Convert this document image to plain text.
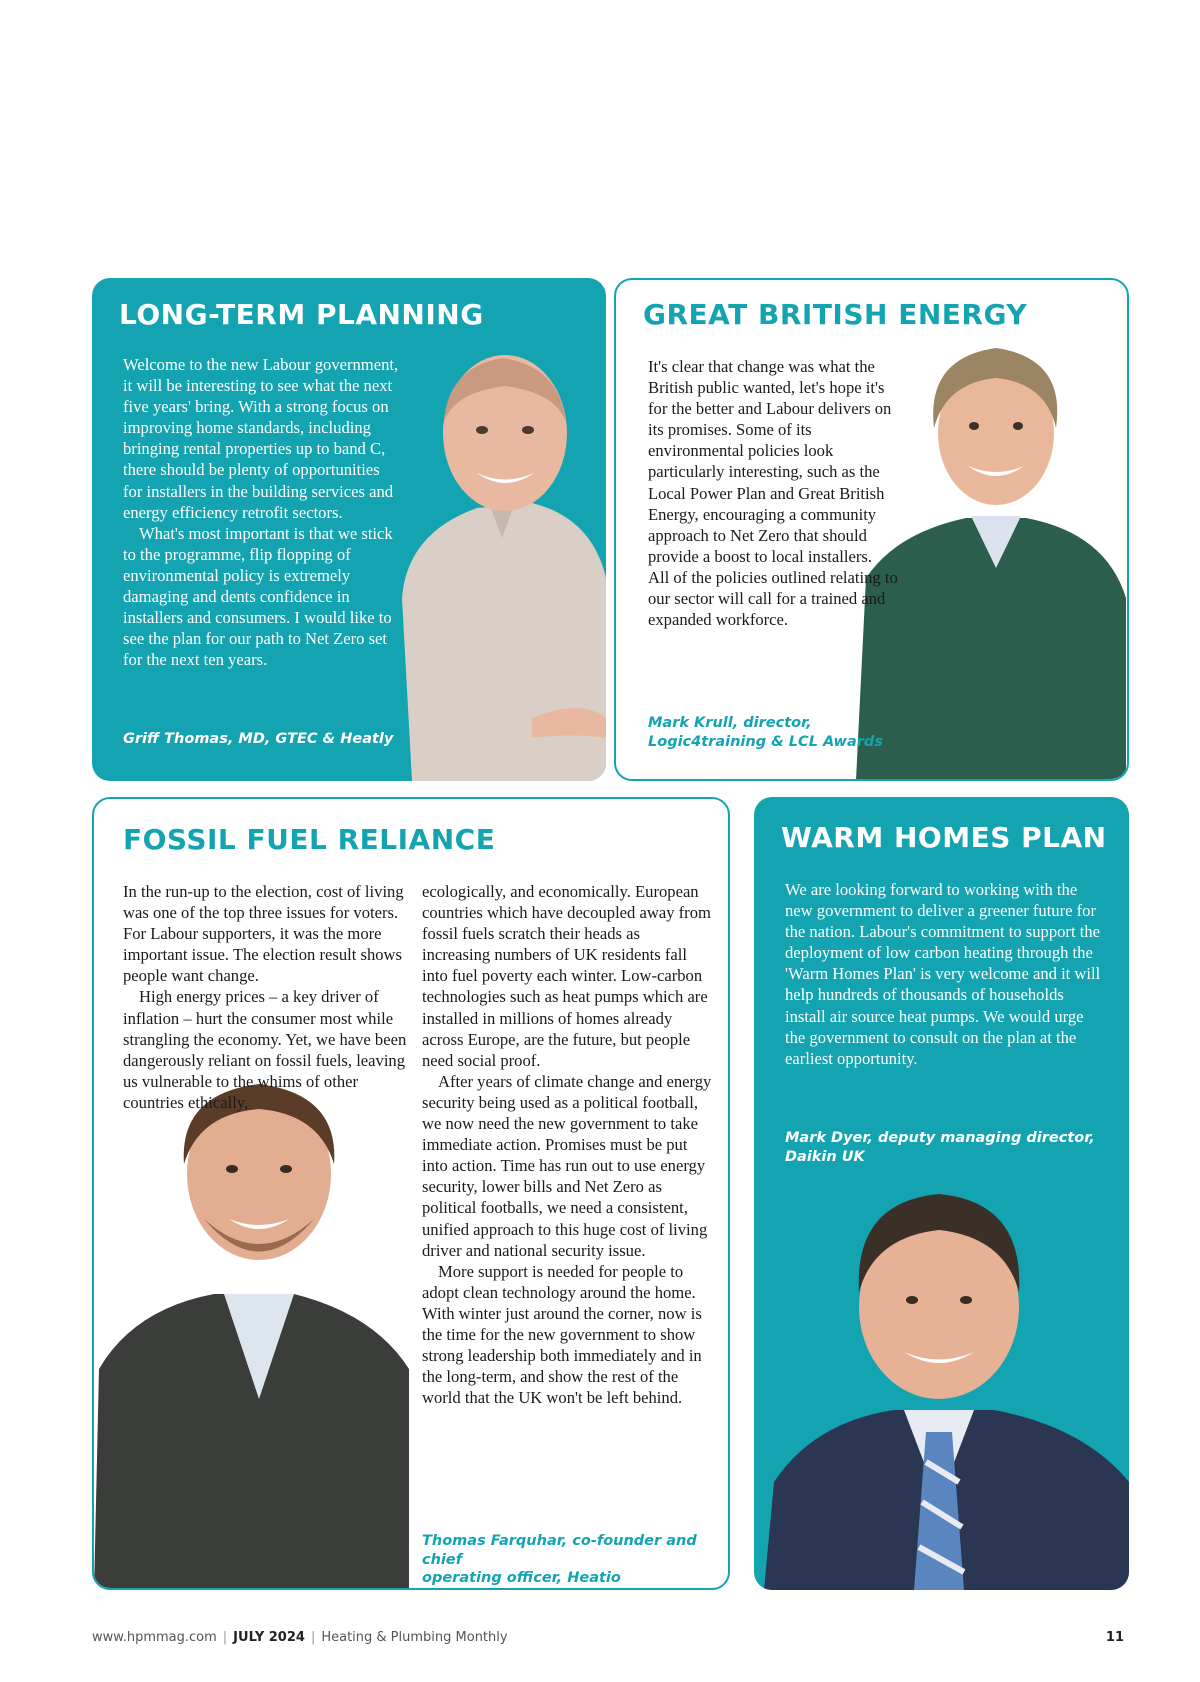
LONG-TERM PLANNING

Welcome to the new Labour government, it will be interesting to see what the next five years' bring. With a strong focus on improving home standards, including bringing rental properties up to band C, there should be plenty of opportunities for installers in the building services and energy efficiency retrofit sectors.

What's most important is that we stick to the programme, flip flopping of environmental policy is extremely damaging and dents confidence in installers and consumers. I would like to see the plan for our path to Net Zero set for the next ten years.

Griff Thomas, MD, GTEC & Heatly
GREAT BRITISH ENERGY

It's clear that change was what the British public wanted, let's hope it's for the better and Labour delivers on its promises. Some of its environmental policies look particularly interesting, such as the Local Power Plan and Great British Energy, encouraging a community approach to Net Zero that should provide a boost to local installers.

All of the policies outlined relating to our sector will call for a trained and expanded workforce.

Mark Krull, director,
Logic4training & LCL Awards
FOSSIL FUEL RELIANCE

In the run-up to the election, cost of living was one of the top three issues for voters. For Labour supporters, it was the more important issue. The election result shows people want change.

High energy prices – a key driver of inflation – hurt the consumer most while strangling the economy. Yet, we have been dangerously reliant on fossil fuels, leaving us vulnerable to the whims of other countries ethically,

ecologically, and economically. European countries which have decoupled away from fossil fuels scratch their heads as increasing numbers of UK residents fall into fuel poverty each winter. Low-carbon technologies such as heat pumps which are installed in millions of homes already across Europe, are the future, but people need social proof.

After years of climate change and energy security being used as a political football, we now need the new government to take immediate action. Promises must be put into action. Time has run out to use energy security, lower bills and Net Zero as political footballs, we need a consistent, unified approach to this huge cost of living driver and national security issue.

More support is needed for people to adopt clean technology around the home. With winter just around the corner, now is the time for the new government to show strong leadership both immediately and in the long-term, and show the rest of the world that the UK won't be left behind.

Thomas Farquhar, co-founder and chief
operating officer, Heatio
WARM HOMES PLAN

We are looking forward to working with the new government to deliver a greener future for the nation. Labour's commitment to support the deployment of low carbon heating through the 'Warm Homes Plan' is very welcome and it will help hundreds of thousands of households install air source heat pumps. We would urge the government to consult on the plan at the earliest opportunity.

Mark Dyer, deputy managing director,
Daikin UK
www.hpmmag.com | JULY 2024 | Heating & Plumbing Monthly	11
